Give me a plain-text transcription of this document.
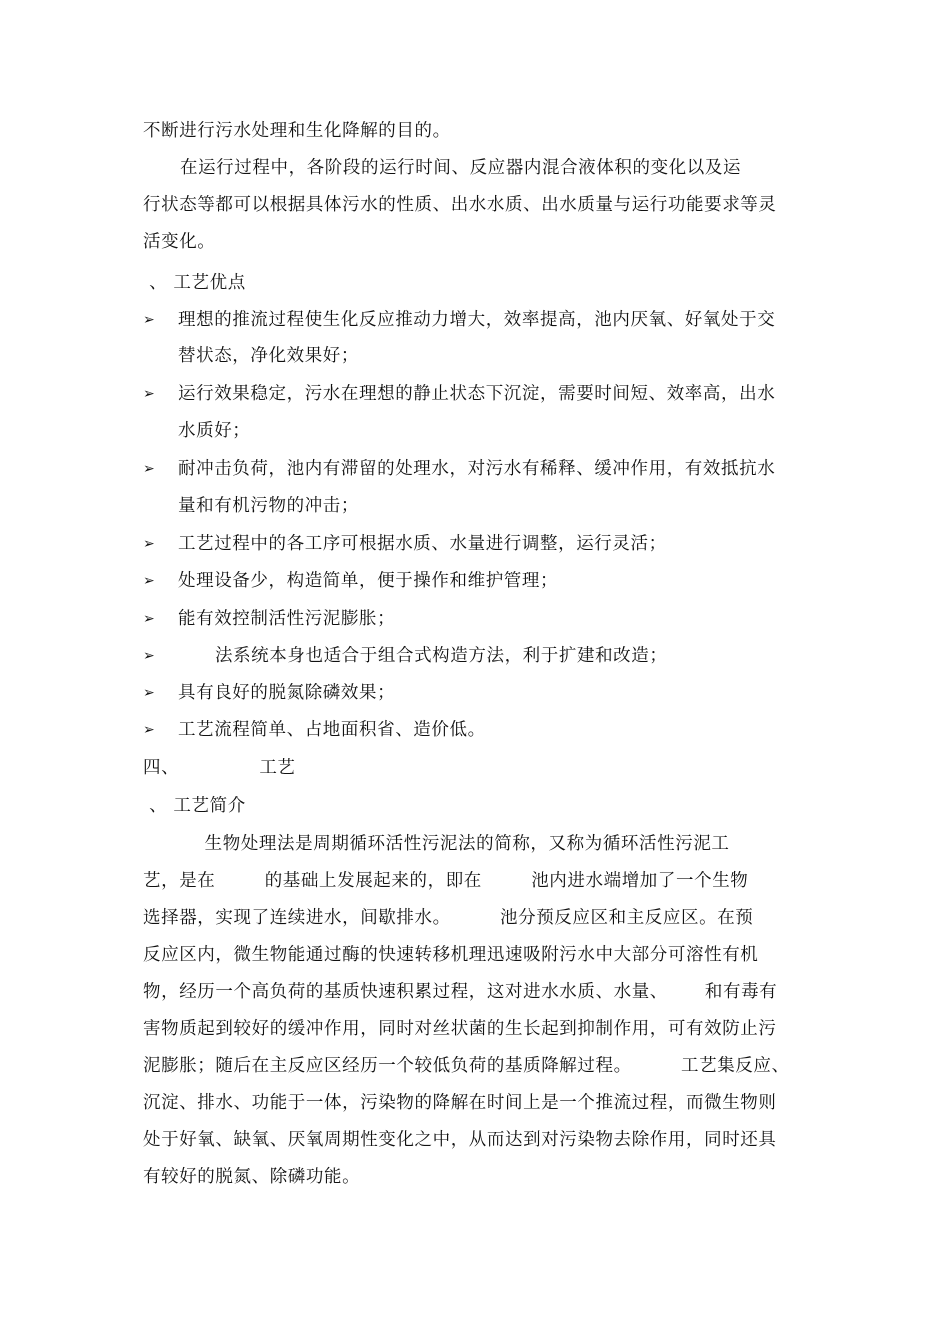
不断进行污水处理和生化降解的目的。
在运行过程中，各阶段的运行时间、反应器内混合液体积的变化以及运
行状态等都可以根据具体污水的性质、出水水质、出水质量与运行功能要求等灵
活变化。
、 工艺优点
➢ 理想的推流过程使生化反应推动力增大，效率提高，池内厌氧、好氧处于交
替状态，净化效果好；
➢ 运行效果稳定，污水在理想的静止状态下沉淀，需要时间短、效率高，出水
水质好；
➢ 耐冲击负荷，池内有滞留的处理水，对污水有稀释、缓冲作用，有效抵抗水
量和有机污物的冲击；
➢ 工艺过程中的各工序可根据水质、水量进行调整，运行灵活；
➢ 处理设备少，构造简单，便于操作和维护管理；
➢ 能有效控制活性污泥膨胀；
➢ 法系统本身也适合于组合式构造方法，利于扩建和改造；
➢ 具有良好的脱氮除磷效果；
➢ 工艺流程简单、占地面积省、造价低。
四、             工艺
、 工艺简介
生物处理法是周期循环活性污泥法的简称，又称为循环活性污泥工
艺，是在        的基础上发展起来的，即在        池内进水端增加了一个生物
选择器，实现了连续进水，间歇排水。        池分预反应区和主反应区。在预
反应区内，微生物能通过酶的快速转移机理迅速吸附污水中大部分可溶性有机
物，经历一个高负荷的基质快速积累过程，这对进水水质、水量、      和有毒有
害物质起到较好的缓冲作用，同时对丝状菌的生长起到抑制作用，可有效防止污
泥膨胀；随后在主反应区经历一个较低负荷的基质降解过程。        工艺集反应、
沉淀、排水、功能于一体，污染物的降解在时间上是一个推流过程，而微生物则
处于好氧、缺氧、厌氧周期性变化之中，从而达到对污染物去除作用，同时还具
有较好的脱氮、除磷功能。
